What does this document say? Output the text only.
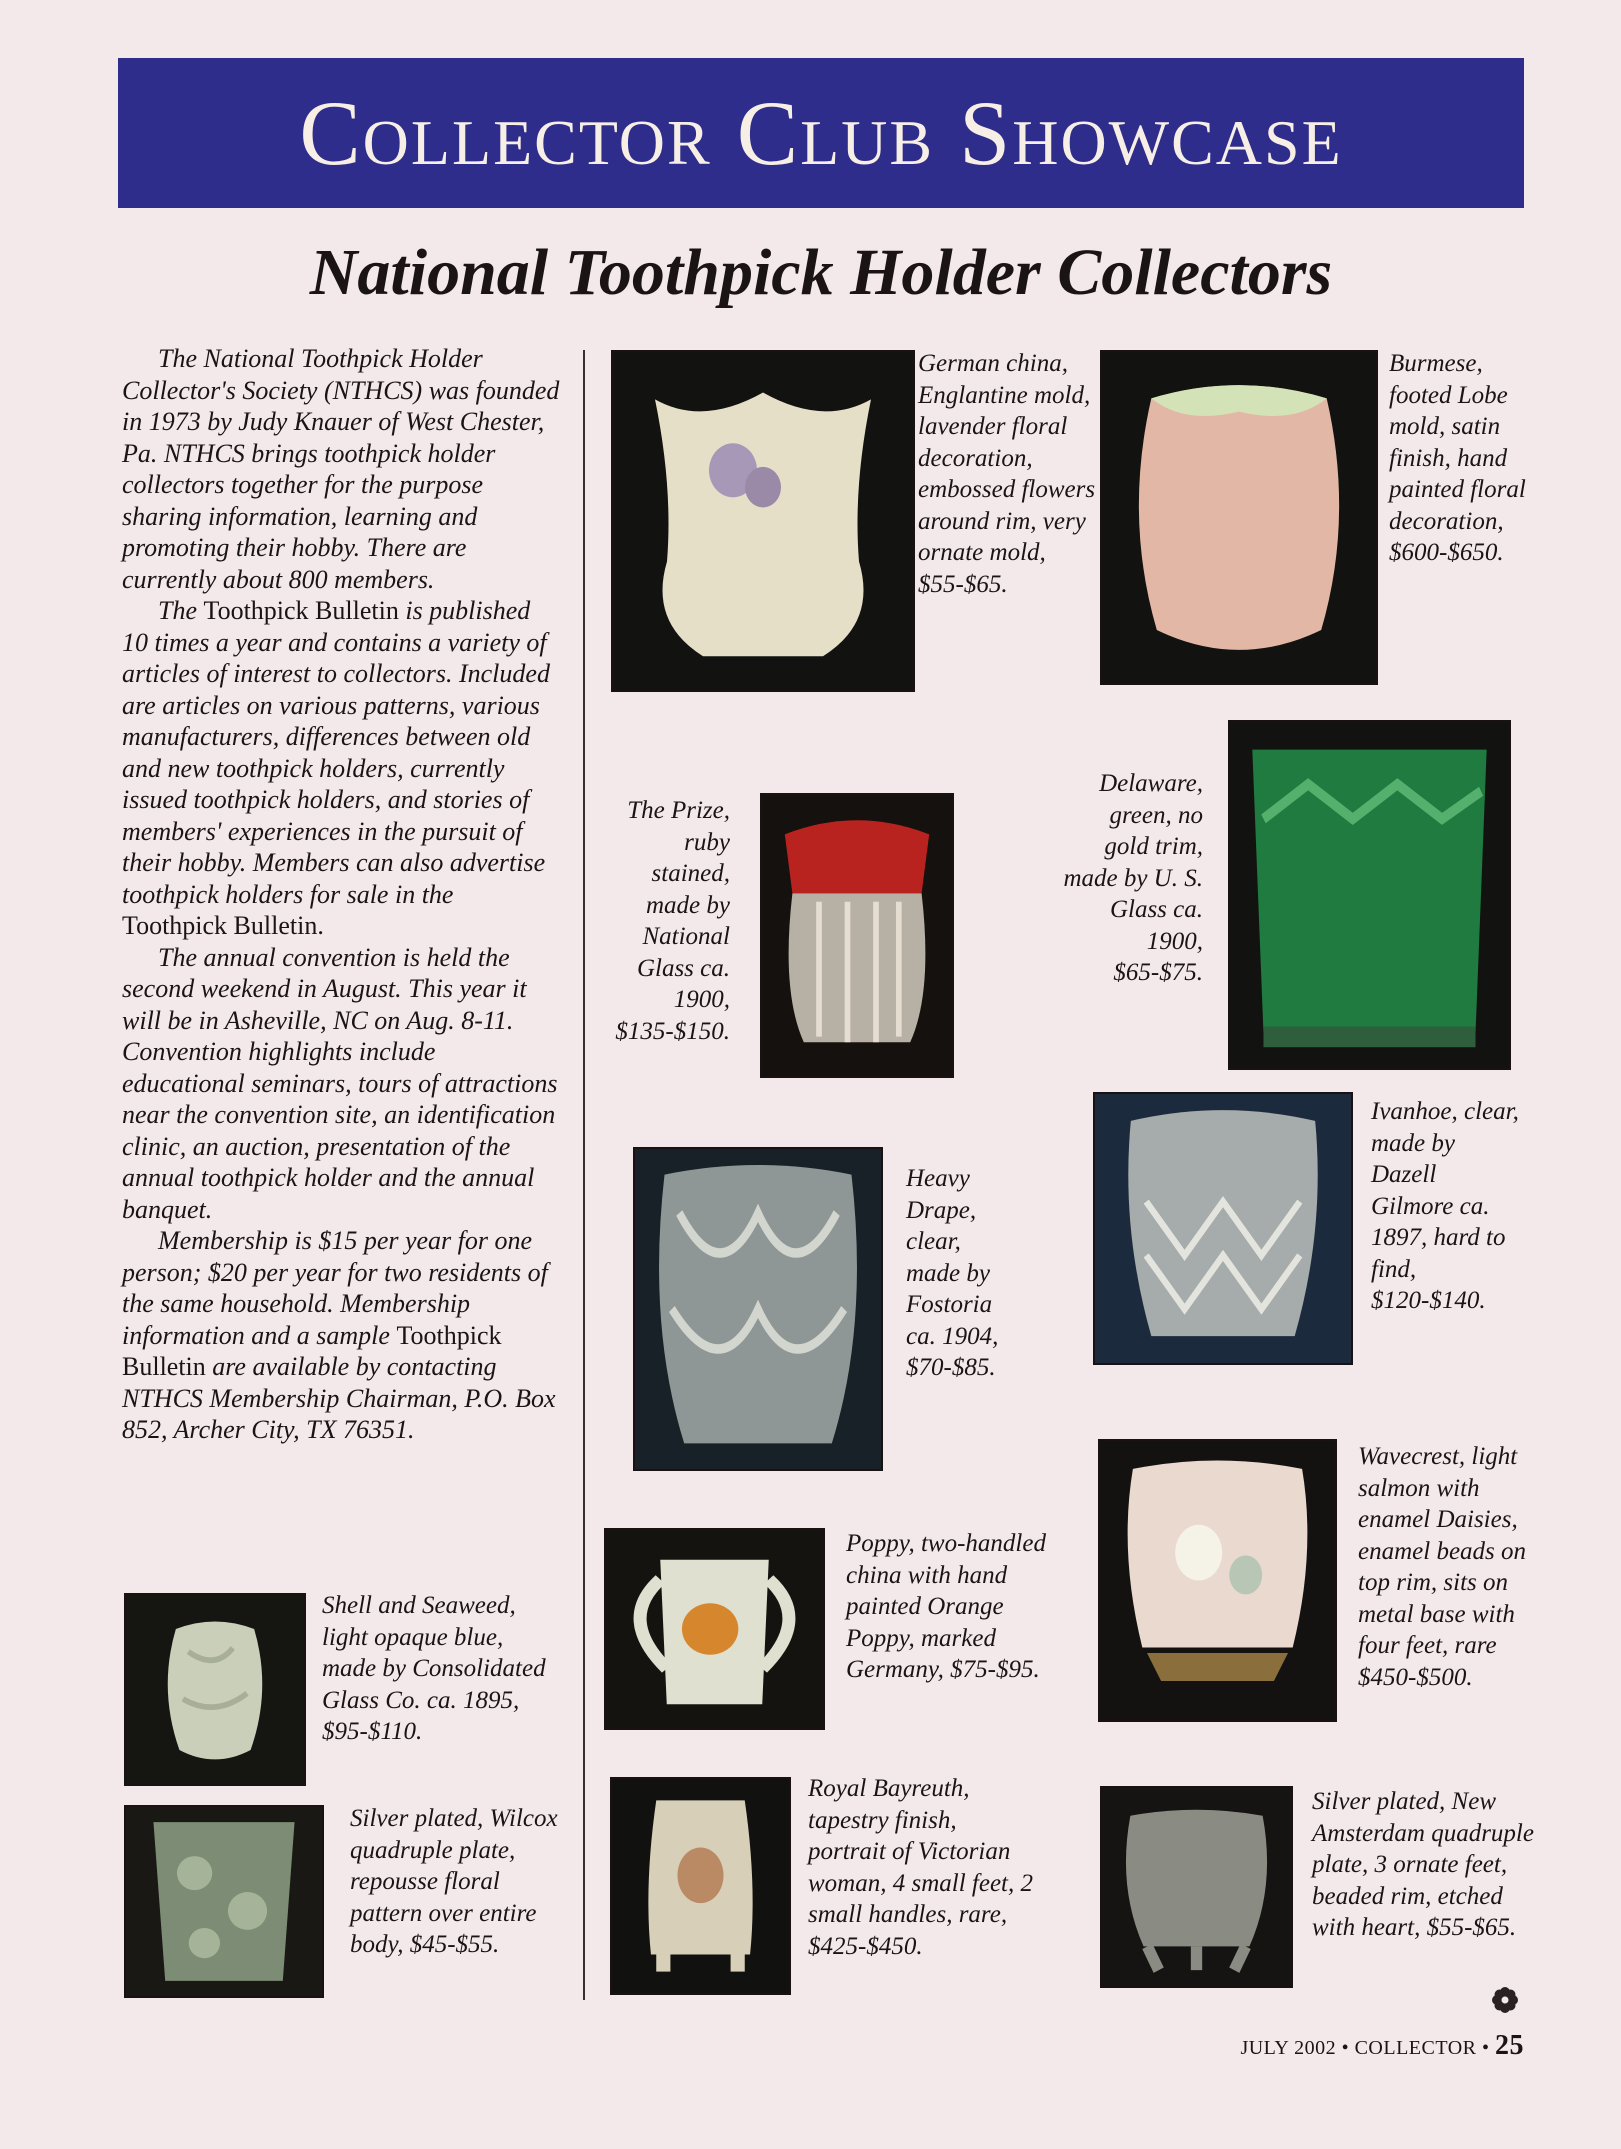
Collector Club Showcase
National Toothpick Holder Collectors

The National Toothpick Holder Collector's Society (NTHCS) was founded in 1973 by Judy Knauer of West Chester, Pa. NTHCS brings toothpick holder collectors together for the purpose sharing information, learning and promoting their hobby. There are currently about 800 members.

The Toothpick Bulletin is published 10 times a year and contains a variety of articles of interest to collectors. Included are articles on various patterns, various manufacturers, differences between old and new toothpick holders, currently issued toothpick holders, and stories of members' experiences in the pursuit of their hobby. Members can also advertise toothpick holders for sale in the Toothpick Bulletin.

The annual convention is held the second weekend in August. This year it will be in Asheville, NC on Aug. 8-11. Convention highlights include educational seminars, tours of attractions near the convention site, an identification clinic, an auction, presentation of the annual toothpick holder and the annual banquet.

Membership is $15 per year for one person; $20 per year for two residents of the same household. Membership information and a sample Toothpick Bulletin are available by contacting NTHCS Membership Chairman, P.O. Box 852, Archer City, TX 76351.

Shell and Seaweed, light opaque blue, made by Consolidated Glass Co. ca. 1895, $95-$110.
Silver plated, Wilcox quadruple plate, repousse floral pattern over entire body, $45-$55.
German china, Englantine mold, lavender floral decoration, embossed flowers around rim, very ornate mold, $55-$65.
The Prize, ruby stained, made by National Glass ca. 1900, $135-$150.
Heavy Drape, clear, made by Fostoria ca. 1904, $70-$85.
Poppy, two-handled china with hand painted Orange Poppy, marked Germany, $75-$95.
Royal Bayreuth, tapestry finish, portrait of Victorian woman, 4 small feet, 2 small handles, rare, $425-$450.
Burmese, footed Lobe mold, satin finish, hand painted floral decoration, $600-$650.
Delaware, green, no gold trim, made by U. S. Glass ca. 1900, $65-$75.
Ivanhoe, clear, made by Dazell Gilmore ca. 1897, hard to find, $120-$140.
Wavecrest, light salmon with enamel Daisies, enamel beads on top rim, sits on metal base with four feet, rare $450-$500.
Silver plated, New Amsterdam quadruple plate, 3 ornate feet, beaded rim, etched with heart, $55-$65.
JULY 2002 • COLLECTOR • 25
